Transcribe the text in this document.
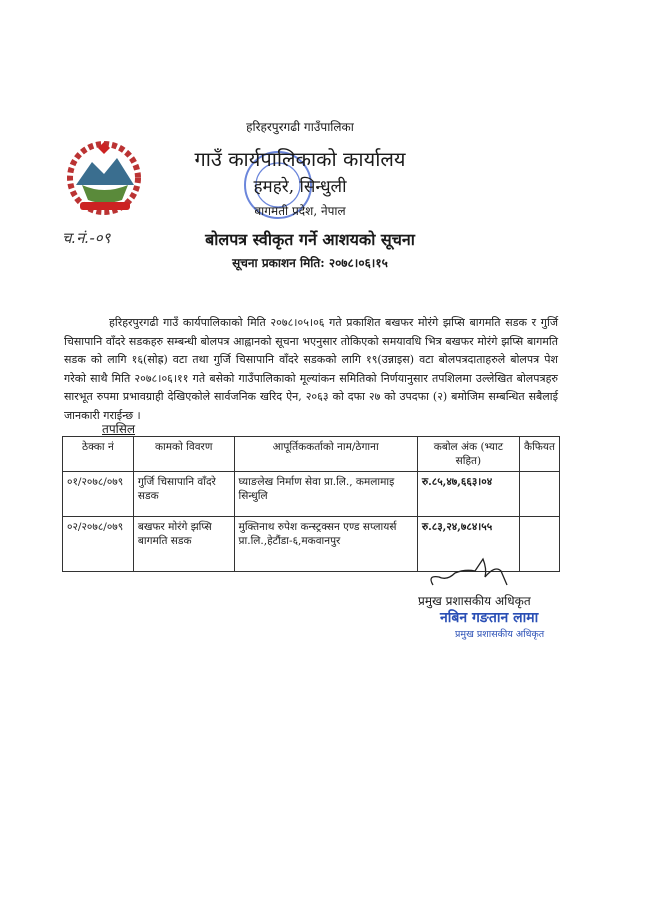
हरिहरपुरगढी गाउँपालिका
गाउँ कार्यपालिकाको कार्यालय
हमहरे, सिन्धुली
बागमती प्रदेश, नेपाल
च.नं.-०९	बोलपत्र स्वीकृत गर्ने आशयको सूचना
सूचना प्रकाशन मिति: २०७८।०६।१५
हरिहरपुरगढी गाउँ कार्यपालिकाको मिति २०७८।०५।०६ गते प्रकाशित बखफर मोरंगे झप्सि बागमति सडक र गुर्जि चिसापानि वाँदरे सडकहरु सम्बन्धी बोलपत्र आह्वानको सूचना भएनुसार तोकिएको समयावधि भित्र बखफर मोरंगे झप्सि बागमति सडक को लागि १६(सोह्र) वटा तथा गुर्जि चिसापानि वाँदरे सडकको लागि १९(उन्नाइस) वटा बोलपत्रदाताहरुले बोलपत्र पेश गरेको साथै मिति २०७८।०६।११ गते बसेको गाउँपालिकाको मूल्यांकन समितिको निर्णयानुसार तपशिलमा उल्लेखित बोलपत्रहरु सारभूत रुपमा प्रभावग्राही देखिएकोले सार्वजनिक खरिद ऐन, २०६३ को दफा २७ को उपदफा (२) बमोजिम सम्बन्धित सबैलाई जानकारी गराईन्छ ।
तपसिल
ठेक्का नं	कामको विवरण	आपूर्तिककर्ताको नाम/ठेगाना	कबोल अंक (भ्याट सहित)	कैफियत
०१/२०७८/०७९	गुर्जि चिसापानि वाँदरे सडक	घ्याङलेख निर्माण सेवा प्रा.लि., कमलामाइ सिन्धुलि	रु.८५,४७,६६३।०४	
०२/२०७८/०७९	बखफर मोरंगे झप्सि बागमति सडक	मुक्तिनाथ रुपेश कन्स्ट्रक्सन एण्ड सप्लायर्स प्रा.लि.,हेटौंडा-६,मकवानपुर	रु.८३,२४,७८४।५५	
प्रमुख प्रशासकीय अधिकृत
नबिन गङतान लामा
प्रमुख प्रशासकीय अधिकृत
